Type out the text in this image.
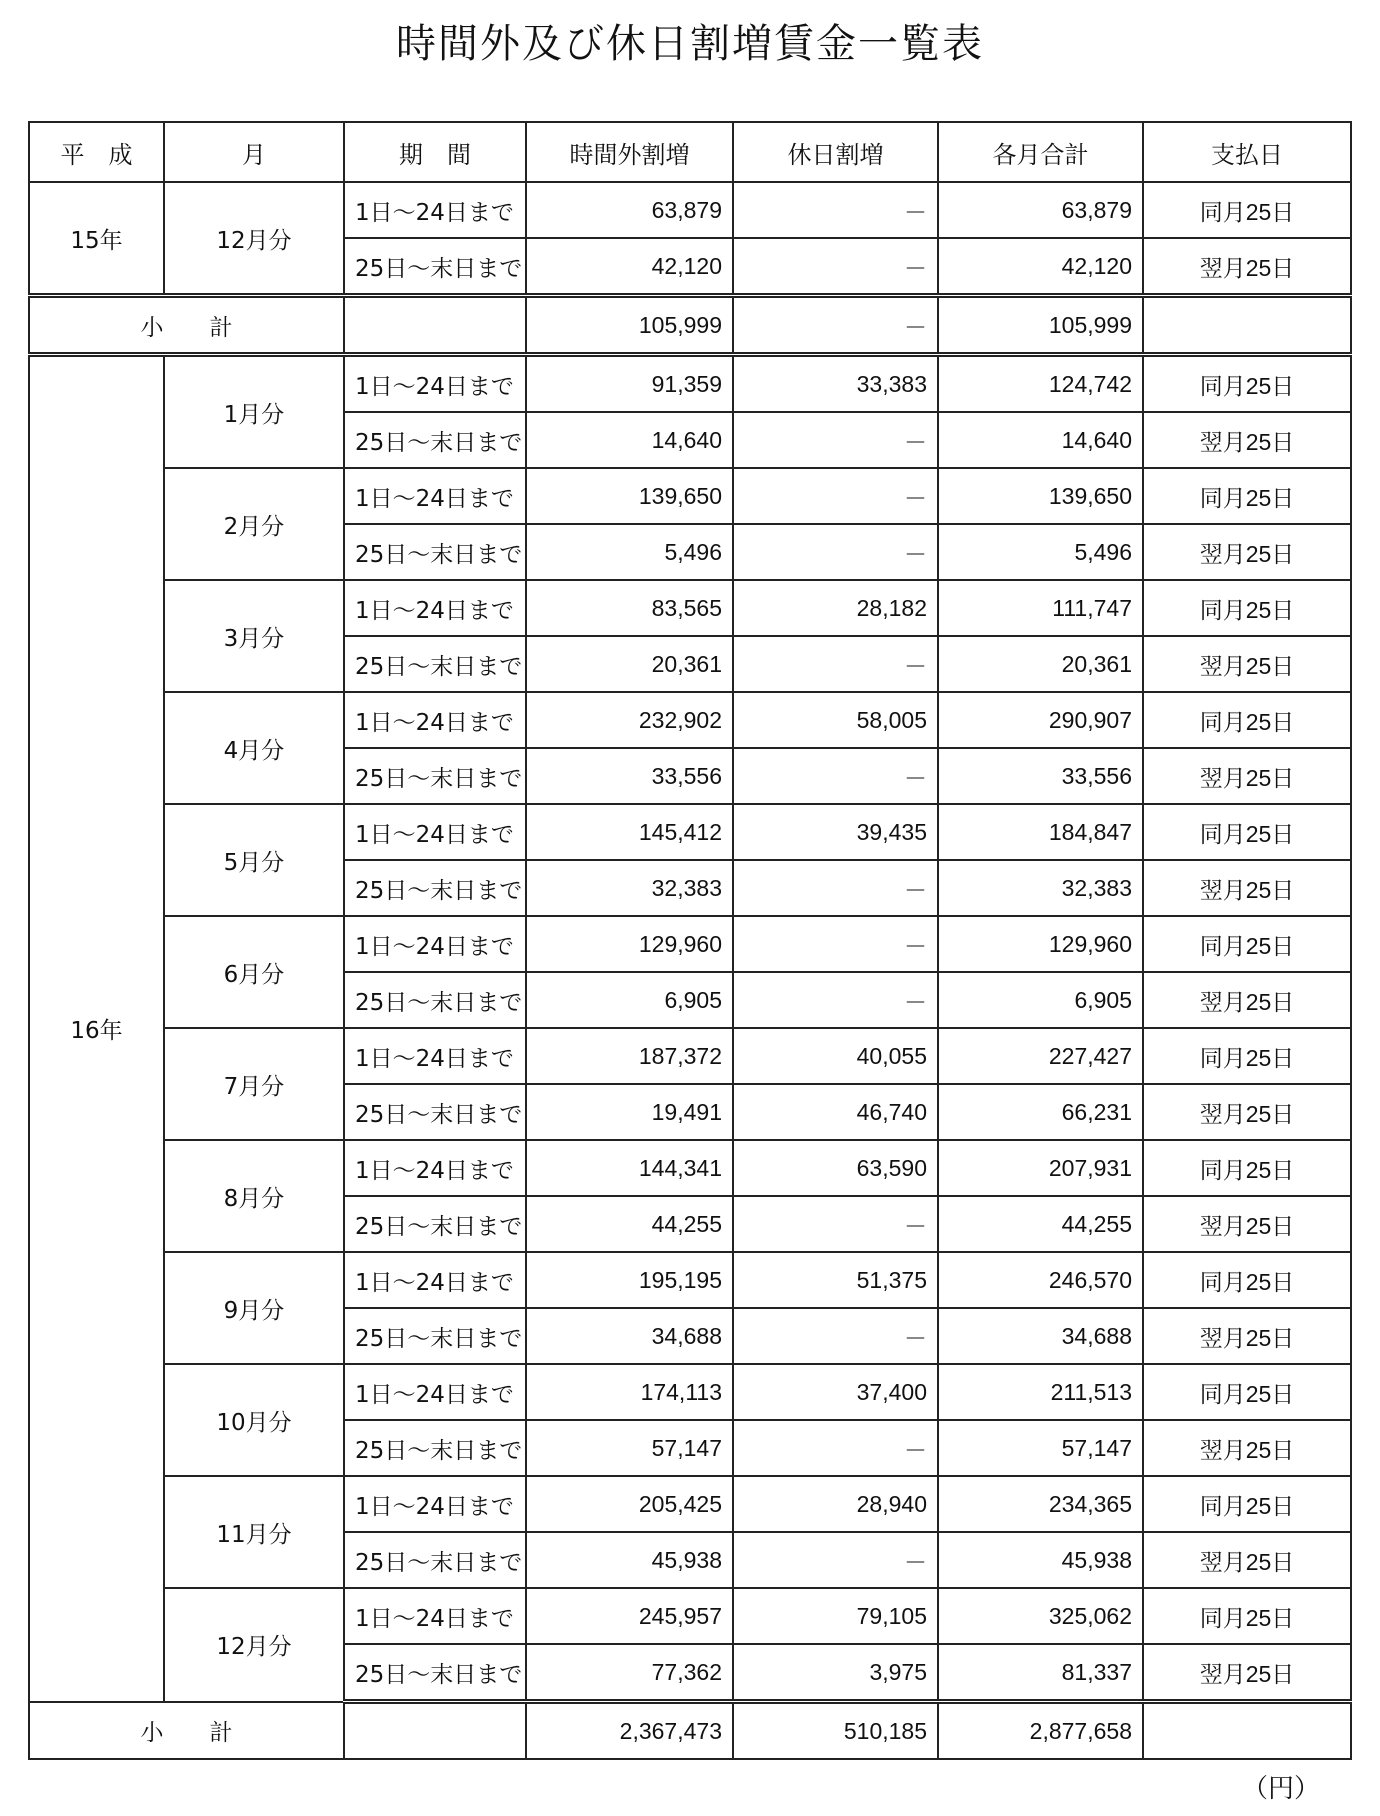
時間外及び休日割増賃金一覧表
平　成	月	期　間	時間外割増	休日割増	各月合計	支払日
15年	12月分	1日～24日まで	63,879	－	63,879	同月25日
		25日～末日まで	42,120	－	42,120	翌月25日
小　　計			105,999	－	105,999	
16年	1月分	1日～24日まで	91,359	33,383	124,742	同月25日
		25日～末日まで	14,640	－	14,640	翌月25日
	2月分	1日～24日まで	139,650	－	139,650	同月25日
		25日～末日まで	5,496	－	5,496	翌月25日
	3月分	1日～24日まで	83,565	28,182	111,747	同月25日
		25日～末日まで	20,361	－	20,361	翌月25日
	4月分	1日～24日まで	232,902	58,005	290,907	同月25日
		25日～末日まで	33,556	－	33,556	翌月25日
	5月分	1日～24日まで	145,412	39,435	184,847	同月25日
		25日～末日まで	32,383	－	32,383	翌月25日
	6月分	1日～24日まで	129,960	－	129,960	同月25日
		25日～末日まで	6,905	－	6,905	翌月25日
	7月分	1日～24日まで	187,372	40,055	227,427	同月25日
		25日～末日まで	19,491	46,740	66,231	翌月25日
	8月分	1日～24日まで	144,341	63,590	207,931	同月25日
		25日～末日まで	44,255	－	44,255	翌月25日
	9月分	1日～24日まで	195,195	51,375	246,570	同月25日
		25日～末日まで	34,688	－	34,688	翌月25日
	10月分	1日～24日まで	174,113	37,400	211,513	同月25日
		25日～末日まで	57,147	－	57,147	翌月25日
	11月分	1日～24日まで	205,425	28,940	234,365	同月25日
		25日～末日まで	45,938	－	45,938	翌月25日
	12月分	1日～24日まで	245,957	79,105	325,062	同月25日
		25日～末日まで	77,362	3,975	81,337	翌月25日
小　　計			2,367,473	510,185	2,877,658	
（円）
